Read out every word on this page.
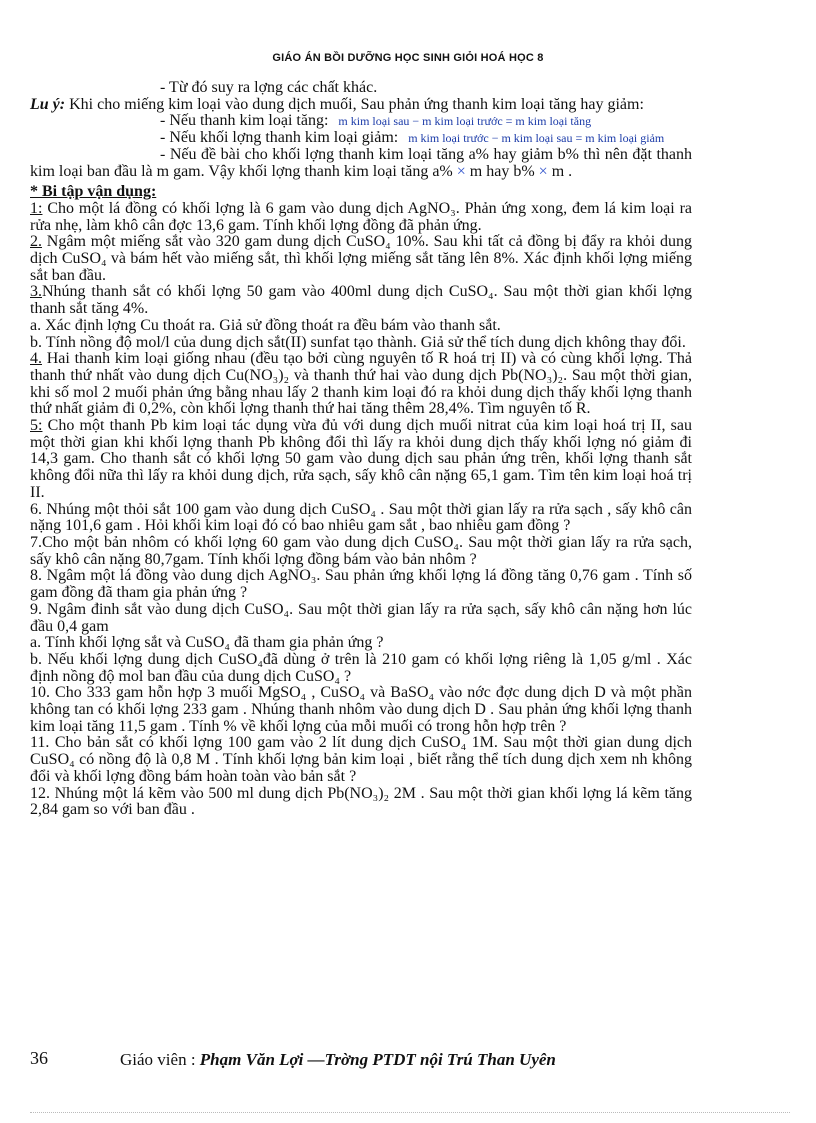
GIÁO ÁN BỒI DƯỠNG HỌC SINH GIỎI HOÁ HỌC 8

- Từ đó suy ra lợng các chất khác.

Lu ý: Khi cho miếng kim loại vào dung dịch muối, Sau phản ứng thanh kim loại tăng hay giảm:

- Nếu thanh kim loại tăng: m kim loại sau − m kim loại trước = m kim loại tăng

- Nếu khối lợng thanh kim loại giảm: m kim loại trước − m kim loại sau = m kim loại giảm

- Nếu đề bài cho khối lợng thanh kim loại tăng a% hay giảm b% thì nên đặt thanh kim loại ban đầu là m gam. Vậy khối lợng thanh kim loại tăng a% × m hay b% × m .

* Bi tập vận dụng:

1: Cho một lá đồng có khối lợng là 6 gam vào dung dịch AgNO₃. Phản ứng xong, đem lá kim loại ra rửa nhẹ, làm khô cân đợc 13,6 gam. Tính khối lợng đồng đã phản ứng.

2. Ngâm một miếng sắt vào 320 gam dung dịch CuSO₄ 10%. Sau khi tất cả đồng bị đẩy ra khỏi dung dịch CuSO₄ và bám hết vào miếng sắt, thì khối lợng miếng sắt tăng lên 8%. Xác định khối lợng miếng sắt ban đầu.

3.Nhúng thanh sắt có khối lợng 50 gam vào 400ml dung dịch CuSO₄. Sau một thời gian khối lợng thanh sắt tăng 4%.

a. Xác định lợng Cu thoát ra. Giả sử đồng thoát ra đều bám vào thanh sắt.

b. Tính nồng độ mol/l của dung dịch sắt(II) sunfat tạo thành. Giả sử thể tích dung dịch không thay đổi.

4. Hai thanh kim loại giống nhau (đều tạo bởi cùng nguyên tố R hoá trị II) và có cùng khối lợng. Thả thanh thứ nhất vào dung dịch Cu(NO₃)₂ và thanh thứ hai vào dung dịch Pb(NO₃)₂. Sau một thời gian, khi số mol 2 muối phản ứng bằng nhau lấy 2 thanh kim loại đó ra khỏi dung dịch thấy khối lợng thanh thứ nhất giảm đi 0,2%, còn khối lợng thanh thứ hai tăng thêm 28,4%. Tìm nguyên tố R.

5: Cho một thanh Pb kim loại tác dụng vừa đủ với dung dịch muối nitrat của kim loại hoá trị II, sau một thời gian khi khối lợng thanh Pb không đổi thì lấy ra khỏi dung dịch thấy khối lợng nó giảm đi 14,3 gam. Cho thanh sắt có khối lợng 50 gam vào dung dịch sau phản ứng trên, khối lợng thanh sắt không đổi nữa thì lấy ra khỏi dung dịch, rửa sạch, sấy khô cân nặng 65,1 gam. Tìm tên kim loại hoá trị II.

6. Nhúng một thỏi sắt 100 gam vào dung dịch CuSO₄ . Sau một thời gian lấy ra rửa sạch , sấy khô cân nặng 101,6 gam . Hỏi khối kim loại đó có bao nhiêu gam sắt , bao nhiêu gam đồng ?

7.Cho một bản nhôm có khối lợng 60 gam vào dung dịch CuSO₄. Sau một thời gian lấy ra rửa sạch, sấy khô cân nặng 80,7gam. Tính khối lợng đồng bám vào bản nhôm ?

8. Ngâm một lá đồng vào dung dịch AgNO₃. Sau phản ứng khối lợng lá đồng tăng 0,76 gam . Tính số gam đồng đã tham gia phản ứng ?

9. Ngâm đinh sắt vào dung dịch CuSO₄. Sau một thời gian lấy ra rửa sạch, sấy khô cân nặng hơn lúc đầu 0,4 gam

a. Tính khối lợng sắt và CuSO₄ đã tham gia phản ứng ?

b. Nếu khối lợng dung dịch CuSO₄đã dùng ở trên là 210 gam có khối lợng riêng là 1,05 g/ml . Xác định nồng độ mol ban đầu của dung dịch CuSO₄ ?

10. Cho 333 gam hỗn hợp 3 muối MgSO₄ , CuSO₄ và BaSO₄ vào nớc đợc dung dịch D và một phần không tan có khối lợng 233 gam . Nhúng thanh nhôm vào dung dịch D . Sau phản ứng khối lợng thanh kim loại tăng 11,5 gam . Tính % về khối lợng của mỗi muối có trong hỗn hợp trên ?

11. Cho bản sắt có khối lợng 100 gam vào 2 lít dung dịch CuSO₄ 1M. Sau một thời gian dung dịch CuSO₄ có nồng độ là 0,8 M . Tính khối lợng bản kim loại , biết rằng thể tích dung dịch xem nh không đổi và khối lợng đồng bám hoàn toàn vào bản sắt ?

12. Nhúng một lá kẽm vào 500 ml dung dịch Pb(NO₃)₂ 2M . Sau một thời gian khối lợng lá kẽm tăng 2,84 gam so với ban đầu .

36	Giáo viên : Phạm Văn Lợi —Trờng PTDT nội Trú Than Uyên
